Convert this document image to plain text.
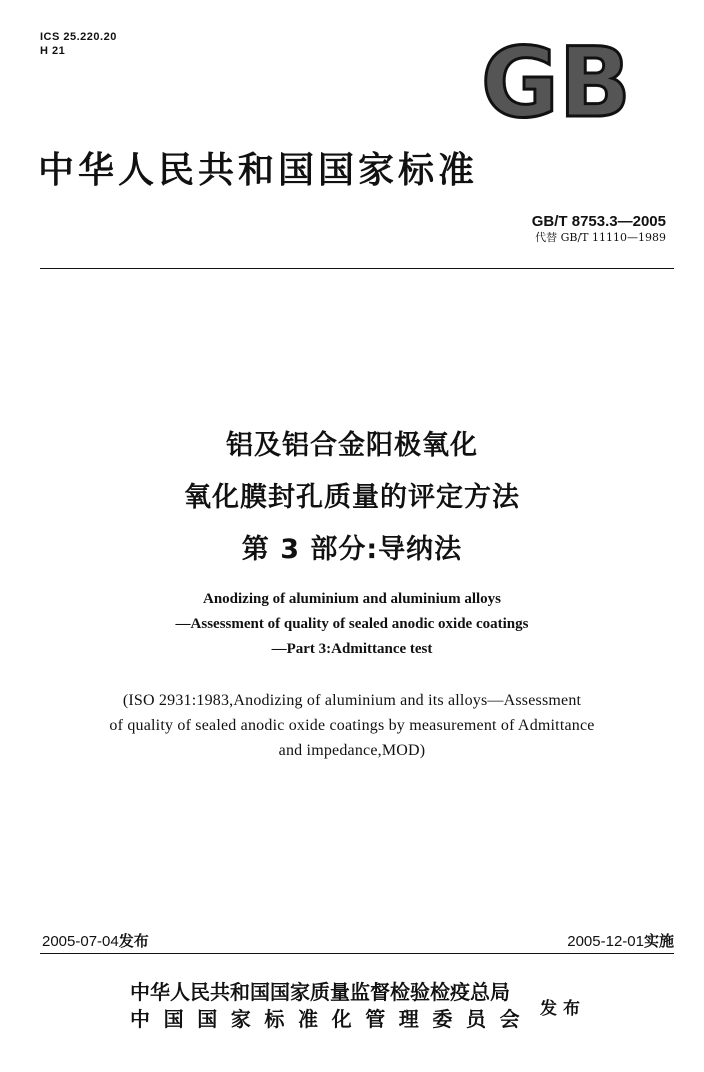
ICS 25.220.20
H 21	GB
中华人民共和国国家标准
GB/T 8753.3—2005
代替 GB/T 11110—1989
铝及铝合金阳极氧化
氧化膜封孔质量的评定方法
第 3 部分:导纳法
Anodizing of aluminium and aluminium alloys
—Assessment of quality of sealed anodic oxide coatings
—Part 3:Admittance test
(ISO 2931:1983,Anodizing of aluminium and its alloys—Assessment
of quality of sealed anodic oxide coatings by measurement of Admittance
and impedance,MOD)
2005-07-04发布	2005-12-01实施
中华人民共和国国家质量监督检验检疫总局
中国国家标准化管理委员会 发布
